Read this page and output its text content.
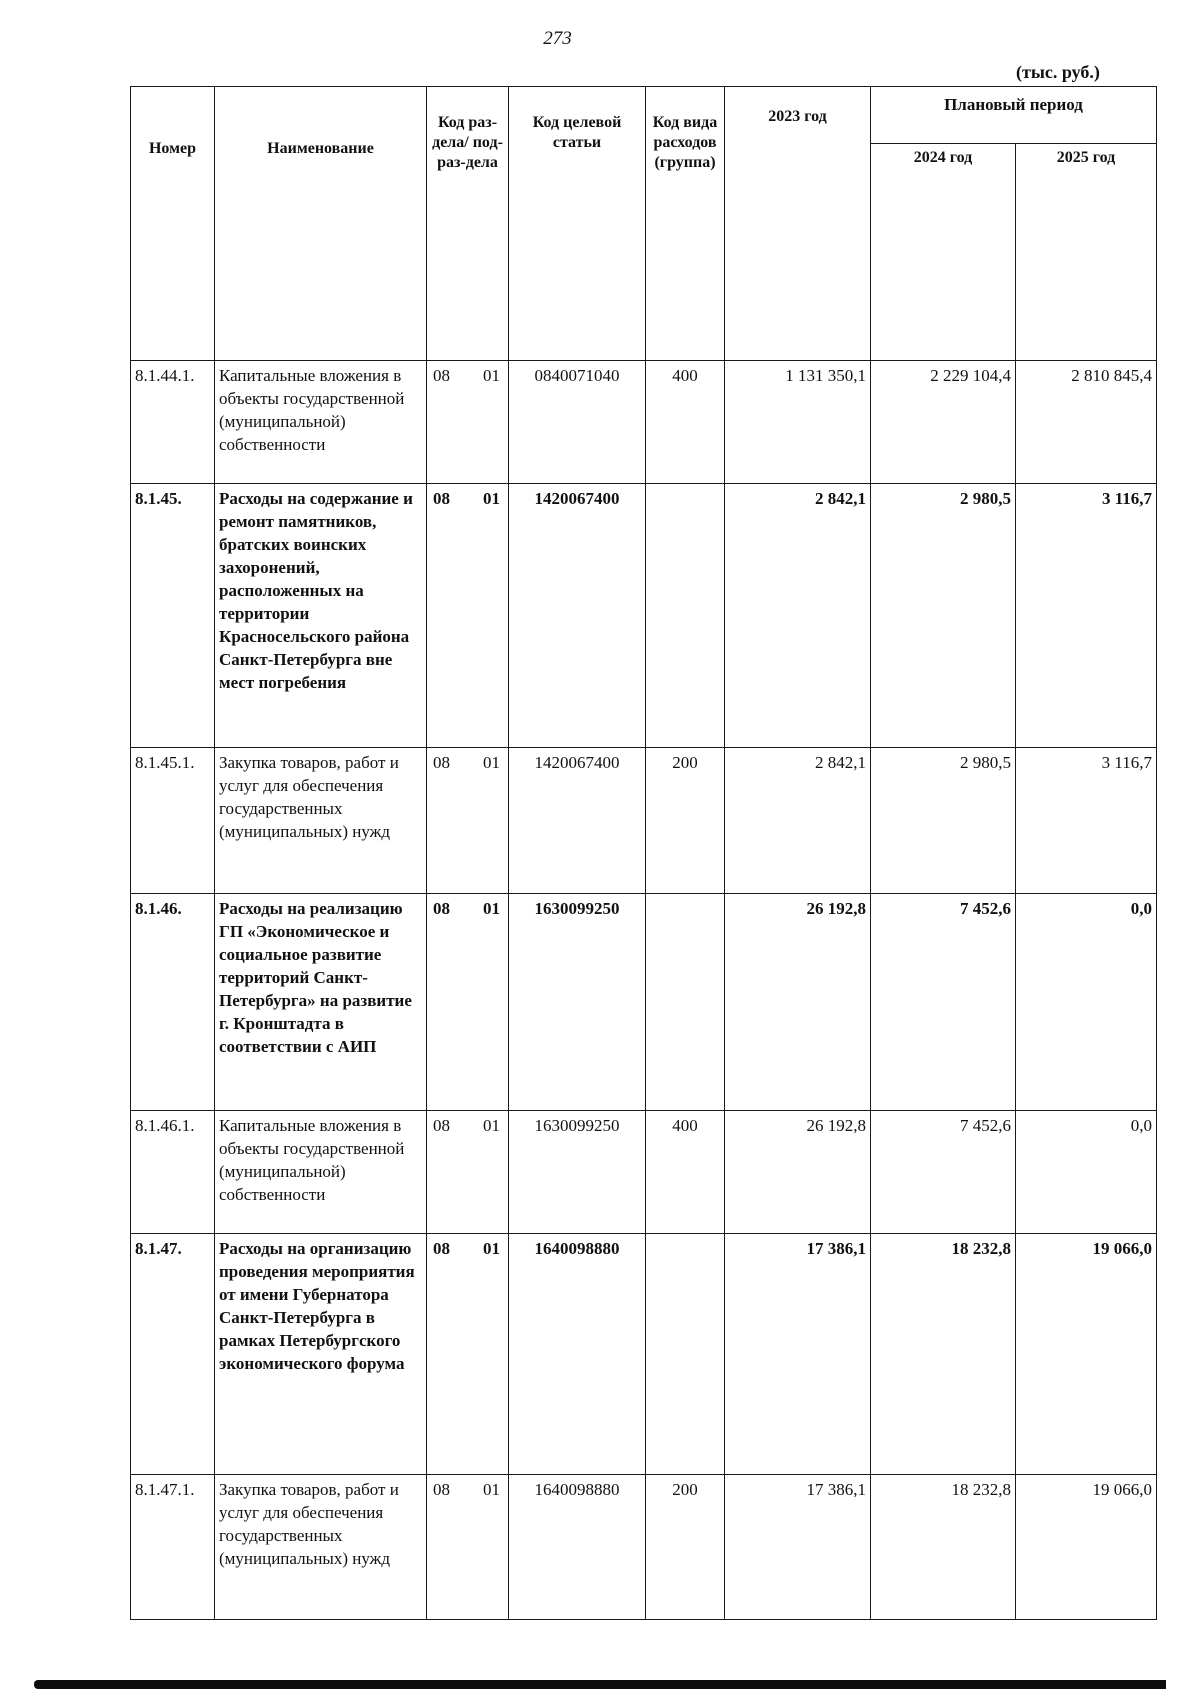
273
(тыс. руб.)
Номер	Наименование	Код раз-дела/ под-раз-дела	Код целевой статьи	Код вида расходов (группа)	2023 год	Плановый период	
						2024 год	2025 год
8.1.44.1.	Капитальные вложения в объекты государственной (муниципальной) собственности	08 01	0840071040	400	1 131 350,1	2 229 104,4	2 810 845,4
8.1.45.	Расходы на содержание и ремонт памятников, братских воинских захоронений, расположенных на территории Красносельского района Санкт-Петербурга вне мест погребения	08 01	1420067400		2 842,1	2 980,5	3 116,7
8.1.45.1.	Закупка товаров, работ и услуг для обеспечения государственных (муниципальных) нужд	08 01	1420067400	200	2 842,1	2 980,5	3 116,7
8.1.46.	Расходы на реализацию ГП «Экономическое и социальное развитие территорий Санкт-Петербурга» на развитие г. Кронштадта в соответствии с АИП	08 01	1630099250		26 192,8	7 452,6	0,0
8.1.46.1.	Капитальные вложения в объекты государственной (муниципальной) собственности	08 01	1630099250	400	26 192,8	7 452,6	0,0
8.1.47.	Расходы на организацию проведения мероприятия от имени Губернатора Санкт-Петербурга в рамках Петербургского экономического форума	08 01	1640098880		17 386,1	18 232,8	19 066,0
8.1.47.1.	Закупка товаров, работ и услуг для обеспечения государственных (муниципальных) нужд	08 01	1640098880	200	17 386,1	18 232,8	19 066,0
